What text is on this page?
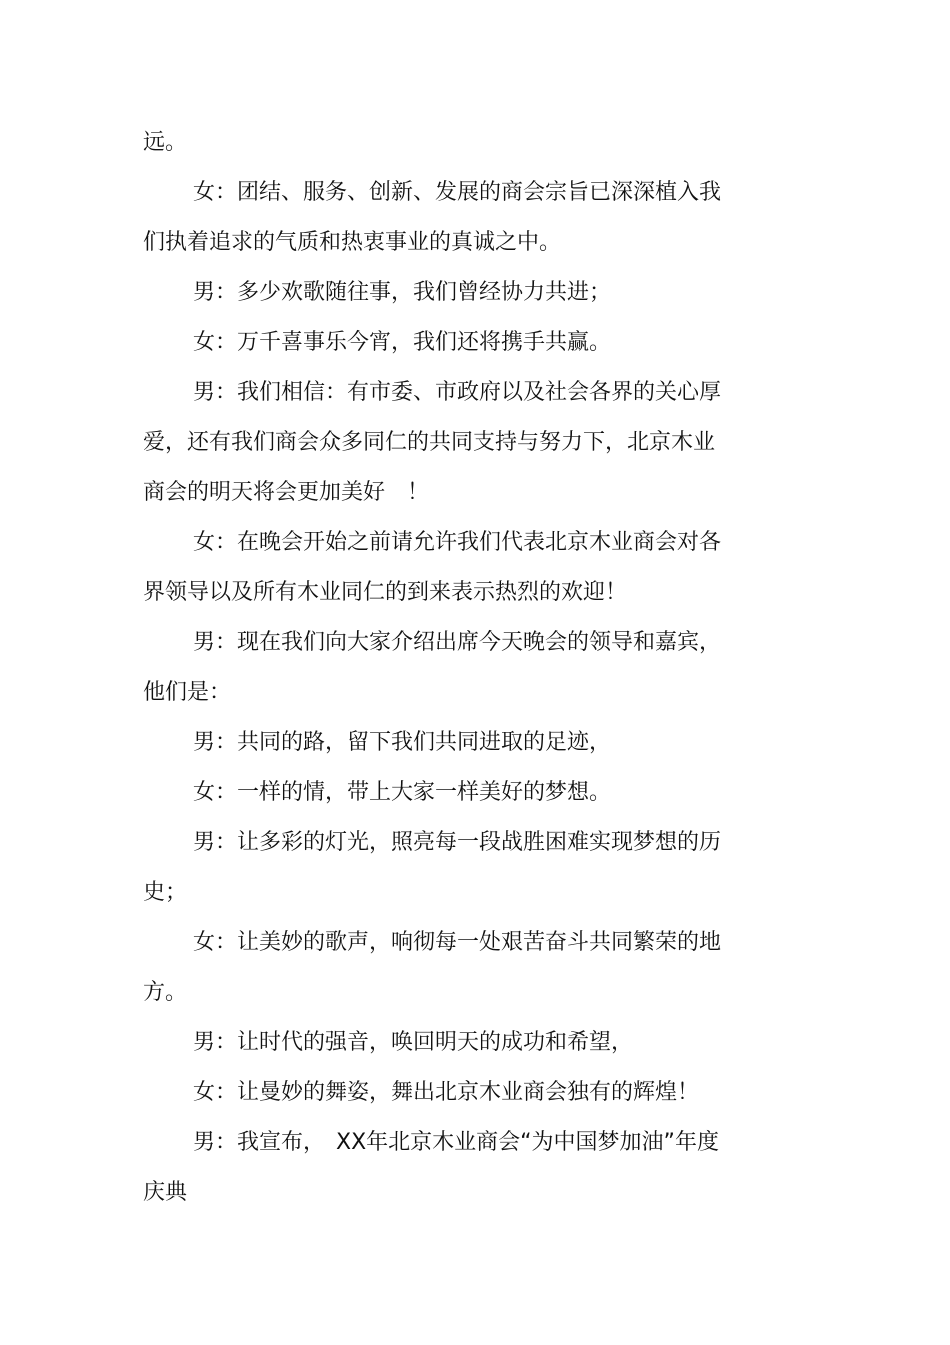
远。
女：团结、服务、创新、发展的商会宗旨已深深植入我
们执着追求的气质和热衷事业的真诚之中。
男：多少欢歌随往事，我们曾经协力共进；
女：万千喜事乐今宵，我们还将携手共赢。
男：我们相信：有市委、市政府以及社会各界的关心厚
爱，还有我们商会众多同仁的共同支持与努力下，北京木业
商会的明天将会更加美好　！
女：在晚会开始之前请允许我们代表北京木业商会对各
界领导以及所有木业同仁的到来表示热烈的欢迎！
男：现在我们向大家介绍出席今天晚会的领导和嘉宾，
他们是：
男：共同的路，留下我们共同进取的足迹，
女：一样的情，带上大家一样美好的梦想。
男：让多彩的灯光，照亮每一段战胜困难实现梦想的历
史；
女：让美妙的歌声，响彻每一处艰苦奋斗共同繁荣的地
方。
男：让时代的强音，唤回明天的成功和希望，
女：让曼妙的舞姿，舞出北京木业商会独有的辉煌！
男：我宣布，　XX年北京木业商会“为中国梦加油”年度
庆典
